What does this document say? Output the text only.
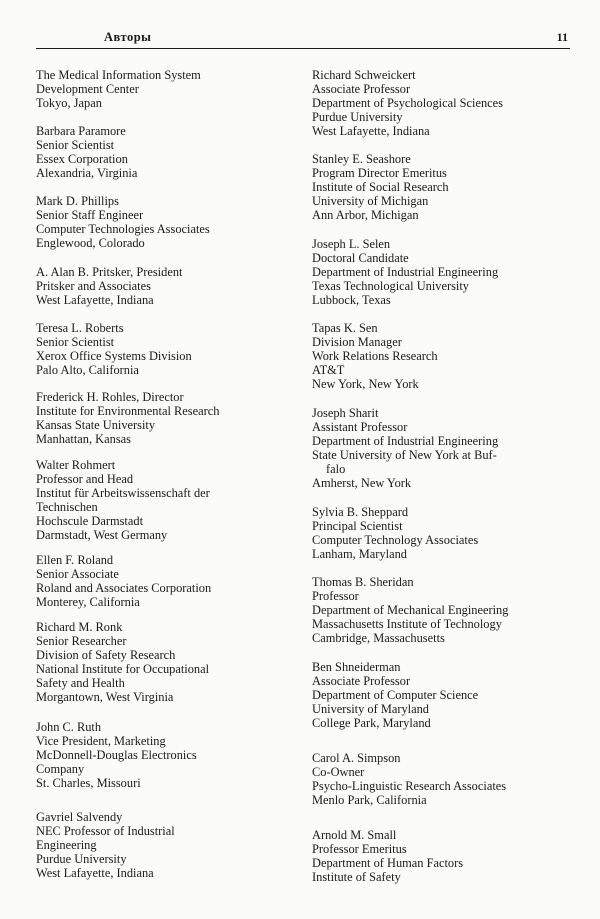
Авторы	11
The Medical Information System
Development Center
Tokyo, Japan
Barbara Paramore
Senior Scientist
Essex Corporation
Alexandria, Virginia
Mark D. Phillips
Senior Staff Engineer
Computer Technologies Associates
Englewood, Colorado
A. Alan B. Pritsker, President
Pritsker and Associates
West Lafayette, Indiana
Teresa L. Roberts
Senior Scientist
Xerox Office Systems Division
Palo Alto, California
Frederick H. Rohles, Director
Institute for Environmental Research
Kansas State University
Manhattan, Kansas
Walter Rohmert
Professor and Head
Institut für Arbeitswissenschaft der
Technischen
Hochscule Darmstadt
Darmstadt, West Germany
Ellen F. Roland
Senior Associate
Roland and Associates Corporation
Monterey, California
Richard M. Ronk
Senior Researcher
Division of Safety Research
National Institute for Occupational
Safety and Health
Morgantown, West Virginia
John C. Ruth
Vice President, Marketing
McDonnell-Douglas Electronics
Company
St. Charles, Missouri
Gavriel Salvendy
NEC Professor of Industrial
Engineering
Purdue University
West Lafayette, Indiana
Richard Schweickert
Associate Professor
Department of Psychological Sciences
Purdue University
West Lafayette, Indiana
Stanley E. Seashore
Program Director Emeritus
Institute of Social Research
University of Michigan
Ann Arbor, Michigan
Joseph L. Selen
Doctoral Candidate
Department of Industrial Engineering
Texas Technological University
Lubbock, Texas
Tapas K. Sen
Division Manager
Work Relations Research
AT&T
New York, New York
Joseph Sharit
Assistant Professor
Department of Industrial Engineering
State University of New York at Buf-
falo
Amherst, New York
Sylvia B. Sheppard
Principal Scientist
Computer Technology Associates
Lanham, Maryland
Thomas B. Sheridan
Professor
Department of Mechanical Engineering
Massachusetts Institute of Technology
Cambridge, Massachusetts
Ben Shneiderman
Associate Professor
Department of Computer Science
University of Maryland
College Park, Maryland
Carol A. Simpson
Co-Owner
Psycho-Linguistic Research Associates
Menlo Park, California
Arnold M. Small
Professor Emeritus
Department of Human Factors
Institute of Safety
